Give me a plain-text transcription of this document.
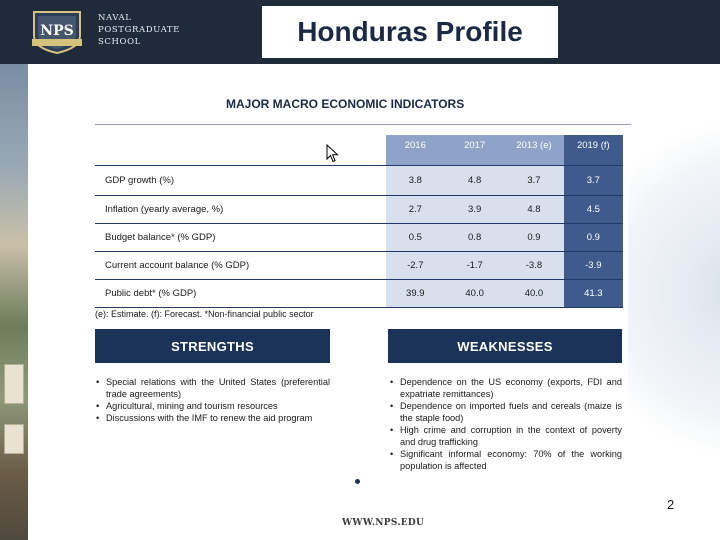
NPS
NAVAL
POSTGRADUATE
SCHOOL	Honduras Profile
MAJOR MACRO ECONOMIC INDICATORS
	2016	2017	2013 (e)	2019 (f)
GDP growth (%)	3.8	4.8	3.7	3.7
Inflation (yearly average, %)	2.7	3.9	4.8	4.5
Budget balance* (% GDP)	0.5	0.8	0.9	0.9
Current account balance (% GDP)	-2.7	-1.7	-3.8	-3.9
Public debt* (% GDP)	39.9	40.0	40.0	41.3
(e): Estimate. (f): Forecast. *Non-financial public sector
STRENGTHS	WEAKNESSES
• Special relations with the United States (preferential trade agreements)
• Agricultural, mining and tourism resources
• Discussions with the IMF to renew the aid program
• Dependence on the US economy (exports, FDI and expatriate remittances)
• Dependence on imported fuels and cereals (maize is the staple food)
• High crime and corruption in the context of poverty and drug trafficking
• Significant informal economy: 70% of the working population is affected
2
WWW.NPS.EDU
